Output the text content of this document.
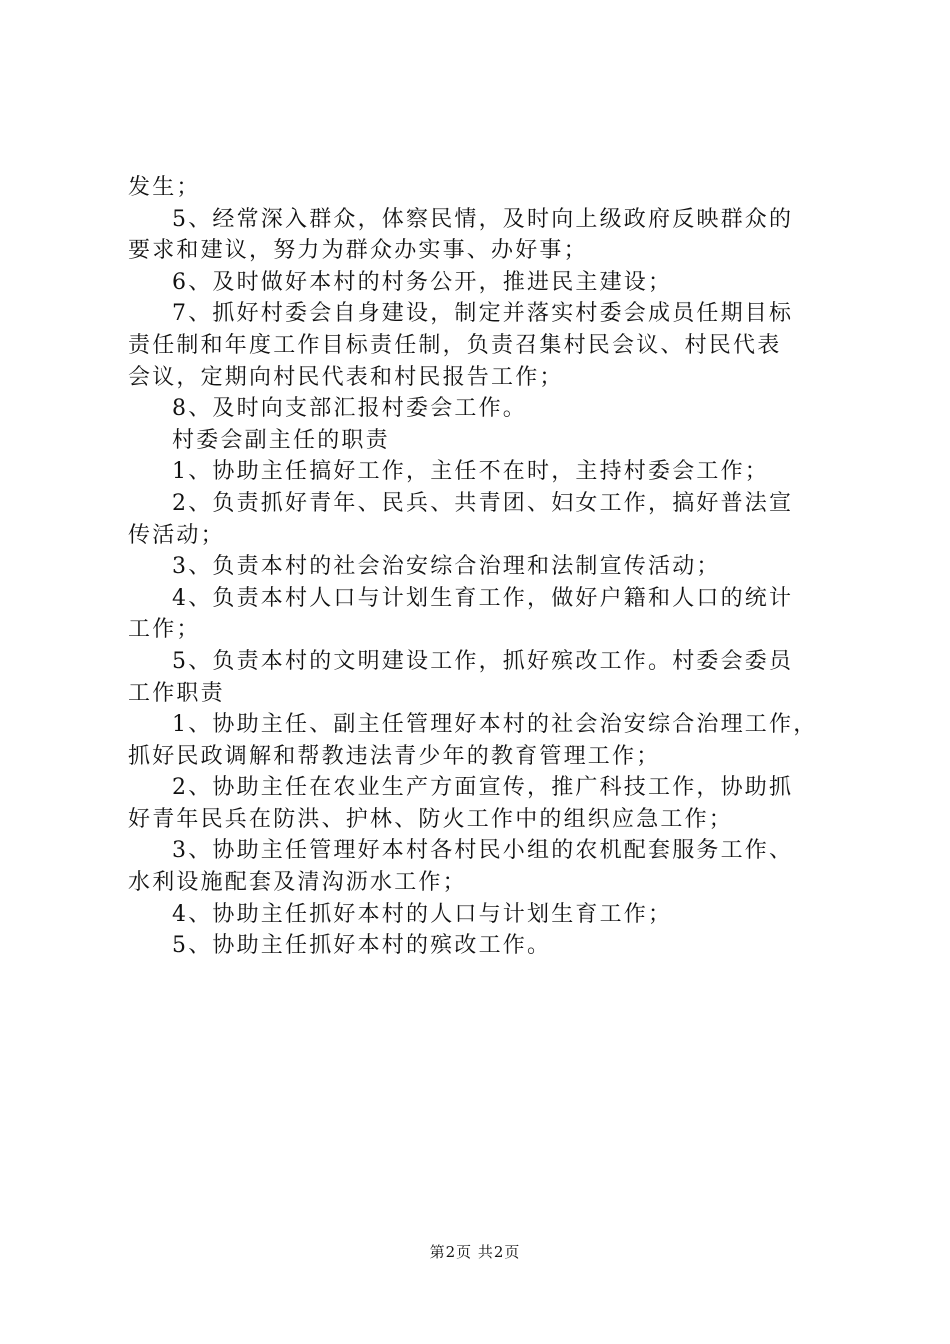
发生；
5、经常深入群众，体察民情，及时向上级政府反映群众的
要求和建议，努力为群众办实事、办好事；
6、及时做好本村的村务公开，推进民主建设；
7、抓好村委会自身建设，制定并落实村委会成员任期目标
责任制和年度工作目标责任制，负责召集村民会议、村民代表
会议，定期向村民代表和村民报告工作；
8、及时向支部汇报村委会工作。
村委会副主任的职责
1、协助主任搞好工作，主任不在时，主持村委会工作；
2、负责抓好青年、民兵、共青团、妇女工作，搞好普法宣
传活动；
3、负责本村的社会治安综合治理和法制宣传活动；
4、负责本村人口与计划生育工作，做好户籍和人口的统计
工作；
5、负责本村的文明建设工作，抓好殡改工作。村委会委员
工作职责
1、协助主任、副主任管理好本村的社会治安综合治理工作，
抓好民政调解和帮教违法青少年的教育管理工作；
2、协助主任在农业生产方面宣传，推广科技工作，协助抓
好青年民兵在防洪、护林、防火工作中的组织应急工作；
3、协助主任管理好本村各村民小组的农机配套服务工作、
水利设施配套及清沟沥水工作；
4、协助主任抓好本村的人口与计划生育工作；
5、协助主任抓好本村的殡改工作。
第2页 共2页
